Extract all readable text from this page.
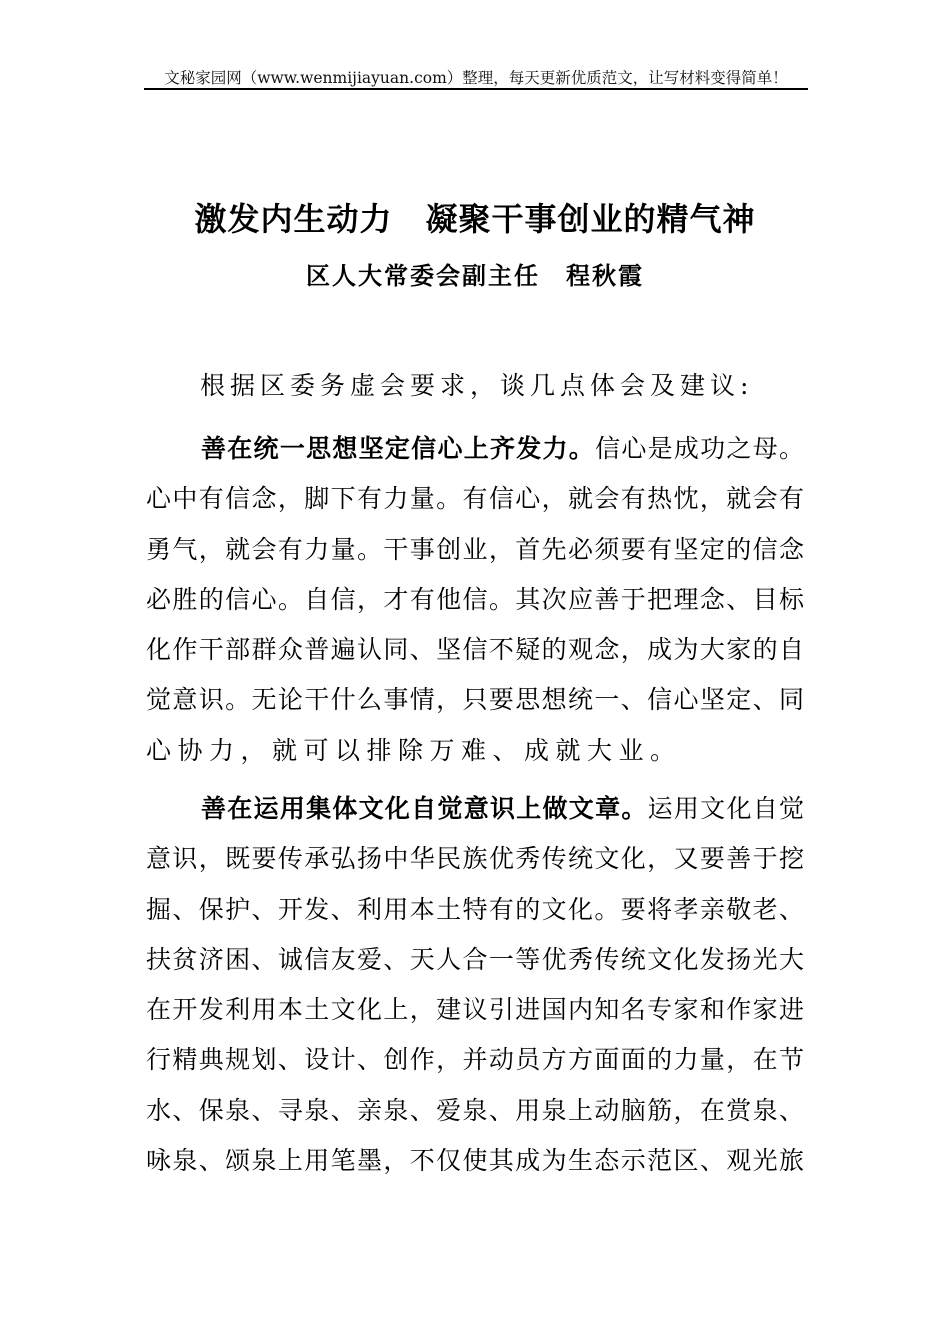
文秘家园网（www.wenmijiayuan.com）整理，每天更新优质范文，让写材料变得简单！
激发内生动力　凝聚干事创业的精气神
区人大常委会副主任　程秋霞
根据区委务虚会要求，谈几点体会及建议:
善在统一思想坚定信心上齐发力。信心是成功之母。
心中有信念，脚下有力量。有信心，就会有热忱，就会有
勇气，就会有力量。干事创业，首先必须要有坚定的信念
必胜的信心。自信，才有他信。其次应善于把理念、目标
化作干部群众普遍认同、坚信不疑的观念，成为大家的自
觉意识。无论干什么事情，只要思想统一、信心坚定、同
心协力，就可以排除万难、成就大业。
善在运用集体文化自觉意识上做文章。运用文化自觉
意识，既要传承弘扬中华民族优秀传统文化，又要善于挖
掘、保护、开发、利用本土特有的文化。要将孝亲敬老、
扶贫济困、诚信友爱、天人合一等优秀传统文化发扬光大
在开发利用本土文化上，建议引进国内知名专家和作家进
行精典规划、设计、创作，并动员方方面面的力量，在节
水、保泉、寻泉、亲泉、爱泉、用泉上动脑筋，在赏泉、
咏泉、颂泉上用笔墨，不仅使其成为生态示范区、观光旅
